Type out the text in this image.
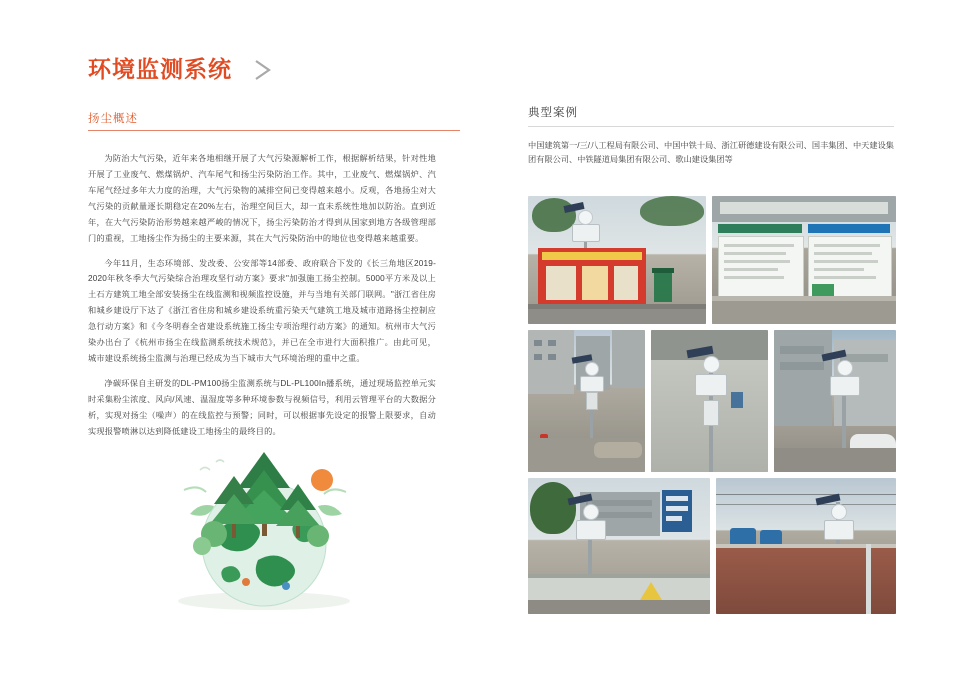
环境监测系统
扬尘概述

为防治大气污染，近年来各地相继开展了大气污染源解析工作，根据解析结果，针对性地开展了工业废气、燃煤锅炉、汽车尾气和扬尘污染防治工作。其中，工业废气、燃煤锅炉、汽车尾气经过多年大力度的治理，大气污染物的减排空间已变得越来越小。反观，各地扬尘对大气污染的贡献量逐长期稳定在20%左右，治理空间巨大，却一直未系统性地加以防治。直到近年，在大气污染防治形势越来越严峻的情况下，扬尘污染防治才得到从国家到地方各级管理部门的重视，工地扬尘作为扬尘的主要来源，其在大气污染防治中的地位也变得越来越重要。

今年11月，生态环境部、发改委、公安部等14部委、政府联合下发的《长三角地区2019-2020年秋冬季大气污染综合治理攻坚行动方案》要求"加强施工扬尘控制。5000平方米及以上土石方建筑工地全部安装扬尘在线监测和视频监控设施，并与当地有关部门联网。"浙江省住房和城乡建设厅下达了《浙江省住房和城乡建设系统重污染天气建筑工地及城市道路扬尘控制应急行动方案》和《今冬明春全省建设系统施工扬尘专项治理行动方案》的通知。杭州市大气污染办出台了《杭州市扬尘在线监测系统技术规范》，并已在全市进行大面积推广。由此可见，城市建设系统扬尘监测与治理已经成为当下城市大气环境治理的重中之重。

净碳环保自主研发的DL-PM100扬尘监测系统与DL-PL100In播系统，通过现场监控单元实时采集粉尘浓度、风向/风速、温湿度等多种环境参数与视频信号，利用云管理平台的大数据分析，实现对扬尘（噪声）的在线监控与预警；同时，可以根据事先设定的报警上限要求，自动实现报警喷淋以达到降低建设工地扬尘的最终目的。

典型案例
中国建筑第一/三/八工程局有限公司、中国中铁十局、浙江研德建设有限公司、国丰集团、中天建设集团有限公司、中铁隧道局集团有限公司、歌山建设集团等
